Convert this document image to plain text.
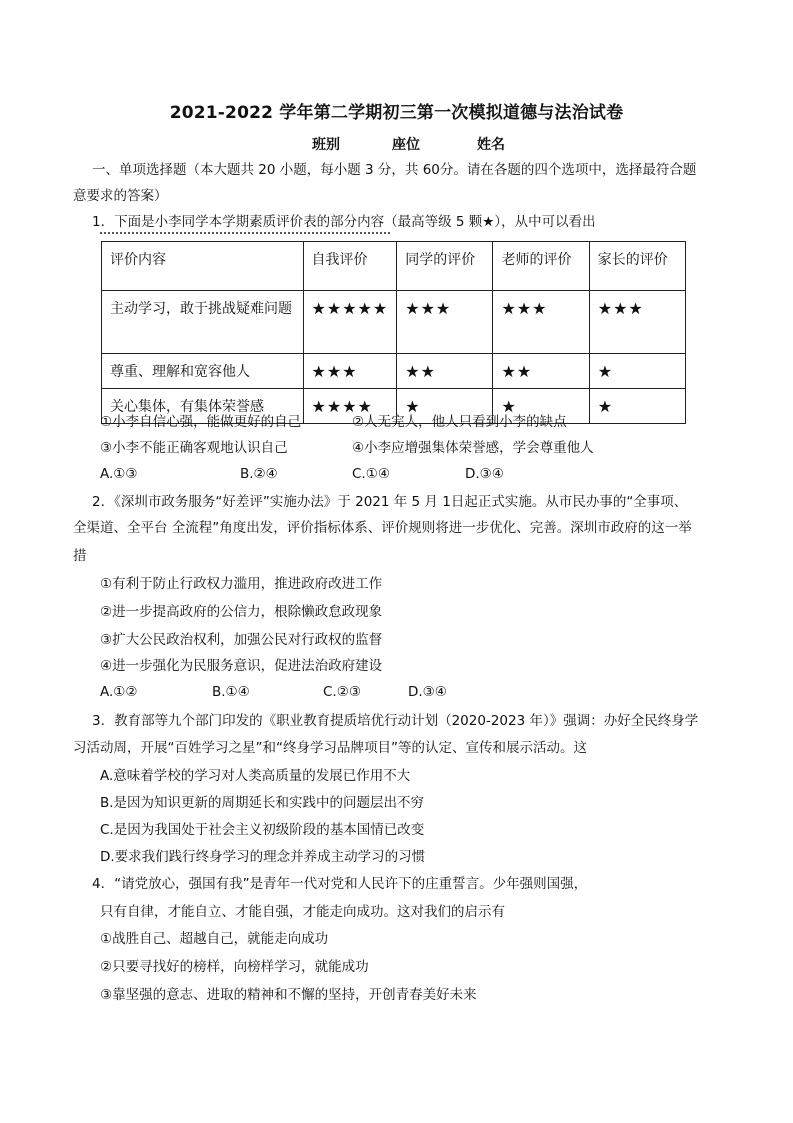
2021-2022 学年第二学期初三第一次模拟道德与法治试卷
班别	座位	姓名
一、单项选择题（本大题共 20 小题，每小题 3 分，共 60分。请在各题的四个选项中，选择最符合题
意要求的答案）
1．下面是小李同学本学期素质评价表的部分内容（最高等级 5 颗★），从中可以看出
评价内容	自我评价	同学的评价	老师的评价	家长的评价
主动学习，敢于挑战疑难问题	★★★★★	★★★	★★★	★★★
尊重、理解和宽容他人	★★★	★★	★★	★
关心集体，有集体荣誉感	★★★★	★	★	★
①小李自信心强，能做更好的自己	②人无完人，他人只看到小李的缺点
③小李不能正确客观地认识自己	④小李应增强集体荣誉感，学会尊重他人
A.①③	B.②④	C.①④	D.③④
2．《深圳市政务服务“好差评”实施办法》于 2021 年 5 月 1日起正式实施。从市民办事的“全事项、
全渠道、全平台 全流程”角度出发，评价指标体系、评价规则将进一步优化、完善。深圳市政府的这一举
措
①有利于防止行政权力滥用，推进政府改进工作
②进一步提高政府的公信力，根除懒政怠政现象
③扩大公民政治权利，加强公民对行政权的监督
④进一步强化为民服务意识，促进法治政府建设
A.①②	B.①④	C.②③	D.③④
3．教育部等九个部门印发的《职业教育提质培优行动计划（2020-2023 年）》强调：办好全民终身学
习活动周，开展“百姓学习之星”和“终身学习品牌项目”等的认定、宣传和展示活动。这
A.意味着学校的学习对人类高质量的发展已作用不大
B.是因为知识更新的周期延长和实践中的问题层出不穷
C.是因为我国处于社会主义初级阶段的基本国情已改变
D.要求我们践行终身学习的理念并养成主动学习的习惯
4．“请党放心，强国有我”是青年一代对党和人民许下的庄重誓言。少年强则国强，
只有自律，才能自立、才能自强，才能走向成功。这对我们的启示有
①战胜自己、超越自己，就能走向成功
②只要寻找好的榜样，向榜样学习，就能成功
③靠坚强的意志、进取的精神和不懈的坚持，开创青春美好未来
